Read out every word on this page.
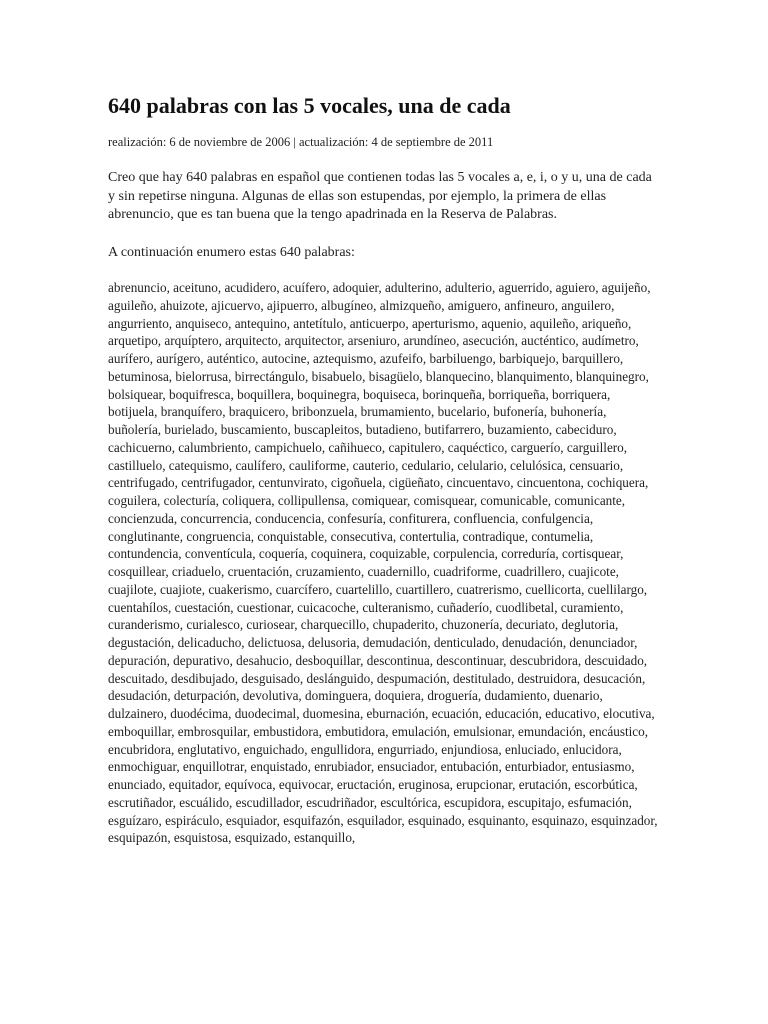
640 palabras con las 5 vocales, una de cada
realización: 6 de noviembre de 2006 | actualización: 4 de septiembre de 2011

Creo que hay 640 palabras en español que contienen todas las 5 vocales a, e, i, o y u, una de cada y sin repetirse ninguna. Algunas de ellas son estupendas, por ejemplo, la primera de ellas abrenuncio, que es tan buena que la tengo apadrinada en la Reserva de Palabras.

A continuación enumero estas 640 palabras:

abrenuncio, aceituno, acudidero, acuífero, adoquier, adulterino, adulterio, aguerrido, aguiero, aguijeño, aguileño, ahuizote, ajicuervo, ajipuerro, albugíneo, almizqueño, amiguero, anfineuro, anguilero, angurriento, anquiseco, antequino, antetítulo, anticuerpo, aperturismo, aquenio, aquileño, ariqueño, arquetipo, arquíptero, arquitecto, arquitector, arseniuro, arundíneo, asecución, aucténtico, audímetro, aurífero, aurígero, auténtico, autocine, aztequismo, azufeifo, barbiluengo, barbiquejo, barquillero, betuminosa, bielorrusa, birrectángulo, bisabuelo, bisagüelo, blanquecino, blanquimento, blanquinegro, bolsiquear, boquifresca, boquillera, boquinegra, boquiseca, borinqueña, borriqueña, borriquera, botijuela, branquífero, braquicero, bribonzuela, brumamiento, bucelario, bufonería, buhonería, buñolería, burielado, buscamiento, buscapleitos, butadieno, butifarrero, buzamiento, cabeciduro, cachicuerno, calumbriento, campichuelo, cañihueco, capitulero, caquéctico, carguerío, carguillero, castilluelo, catequismo, caulífero, cauliforme, cauterio, cedulario, celulario, celulósica, censuario, centrifugado, centrifugador, centunvirato, cigoñuela, cigüeñato, cincuentavo, cincuentona, cochiquera, coguilera, colecturía, coliquera, collipullensa, comiquear, comisquear, comunicable, comunicante, concienzuda, concurrencia, conducencia, confesuría, confiturera, confluencia, confulgencia, conglutinante, congruencia, conquistable, consecutiva, contertulia, contradique, contumelia, contundencia, conventícula, coquería, coquinera, coquizable, corpulencia, correduría, cortisquear, cosquillear, criaduelo, cruentación, cruzamiento, cuadernillo, cuadriforme, cuadrillero, cuajicote, cuajilote, cuajiote, cuakerismo, cuarcífero, cuartelillo, cuartillero, cuatrerismo, cuellicorta, cuellilargo, cuentahílos, cuestación, cuestionar, cuicacoche, culteranismo, cuñaderío, cuodlibetal, curamiento, curanderismo, curialesco, curiosear, charquecillo, chupaderito, chuzonería, decuriato, deglutoria, degustación, delicaducho, delictuosa, delusoria, demudación, denticulado, denudación, denunciador, depuración, depurativo, desahucio, desboquillar, descontinua, descontinuar, descubridora, descuidado, descuitado, desdibujado, desguisado, deslánguido, despumación, destitulado, destruidora, desucación, desudación, deturpación, devolutiva, dominguera, doquiera, droguería, dudamiento, duenario, dulzainero, duodécima, duodecimal, duomesina, eburnación, ecuación, educación, educativo, elocutiva, emboquillar, embrosquilar, embustidora, embutidora, emulación, emulsionar, emundación, encáustico, encubridora, englutativo, enguichado, engullidora, engurriado, enjundiosa, enluciado, enlucidora, enmochiguar, enquillotrar, enquistado, enrubiador, ensuciador, entubación, enturbiador, entusiasmo, enunciado, equitador, equívoca, equivocar, eructación, eruginosa, erupcionar, erutación, escorbútica, escrutiñador, escuálido, escudillador, escudriñador, escultórica, escupidora, escupitajo, esfumación, esguízaro, espiráculo, esquiador, esquifazón, esquilador, esquinado, esquinanto, esquinazo, esquinzador, esquipazón, esquistosa, esquizado, estanquillo,
